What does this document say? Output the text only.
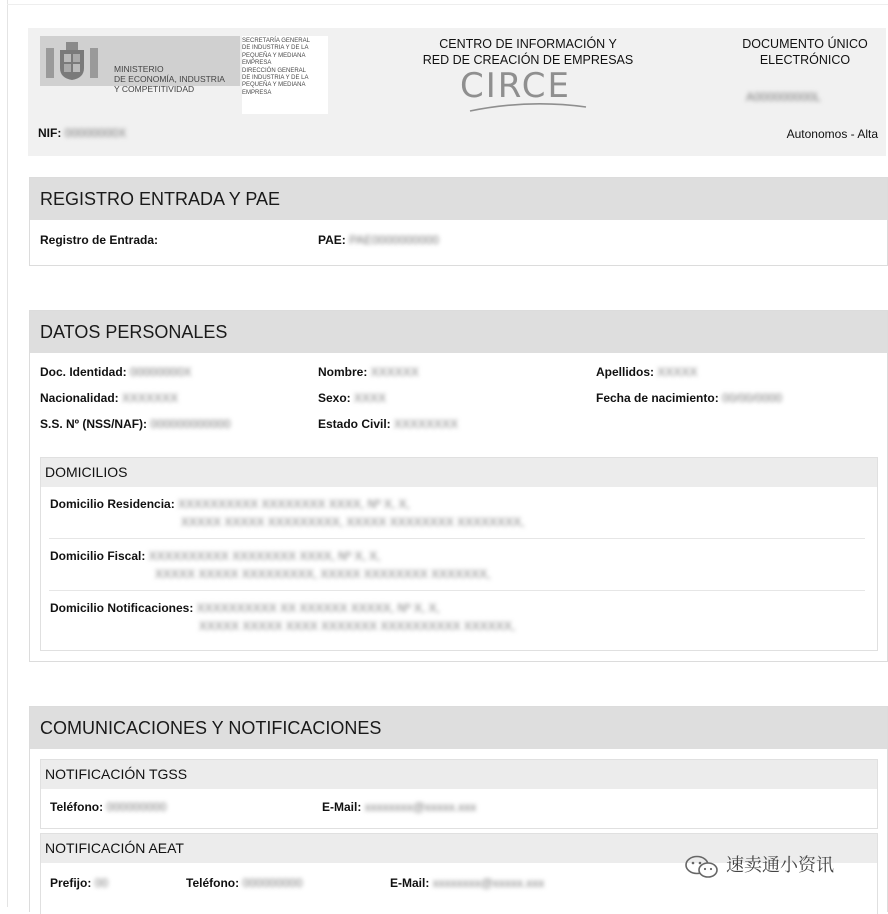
MINISTERIO
DE ECONOMÍA, INDUSTRIA
Y COMPETITIVIDAD
SECRETARÍA GENERAL
DE INDUSTRIA Y DE LA
PEQUEÑA Y MEDIANA
EMPRESA
DIRECCIÓN GENERAL
DE INDUSTRIA Y DE LA
PEQUEÑA Y MEDIANA
EMPRESA
CENTRO DE INFORMACIÓN Y
RED DE CREACIÓN DE EMPRESAS
CIRCE
DOCUMENTO ÚNICO
ELECTRÓNICO
A000000000L
NIF: 00000000X	Autonomos - Alta
REGISTRO ENTRADA Y PAE
Registro de Entrada:	PAE: PAE0000000000
DATOS PERSONALES
Doc. Identidad: 00000000X	Nombre: XXXXXX	Apellidos: XXXXX
Nacionalidad: XXXXXXX	Sexo: XXXX	Fecha de nacimiento: 00/00/0000
S.S. Nº (NSS/NAF): 000000000000	Estado Civil: XXXXXXXX
DOMICILIOS
Domicilio Residencia: XXXXXXXXXX XXXXXXXX XXXX, Nº X, X,
XXXXX XXXXX XXXXXXXXX, XXXXX XXXXXXXX XXXXXXXX,
Domicilio Fiscal: XXXXXXXXXX XXXXXXXX XXXX, Nº X, X,
XXXXX XXXXX XXXXXXXXX, XXXXX XXXXXXXX XXXXXXX,
Domicilio Notificaciones: XXXXXXXXXX XX XXXXXX XXXXX, Nº X, X,
XXXXX XXXXX XXXX XXXXXXX XXXXXXXXXX XXXXXX,
COMUNICACIONES Y NOTIFICACIONES
NOTIFICACIÓN TGSS
Teléfono: 000000000	E-Mail: xxxxxxxx@xxxxx.xxx
NOTIFICACIÓN AEAT
Prefijo: 00	Teléfono: 000000000	E-Mail: xxxxxxxx@xxxxx.xxx
速卖通小资讯
